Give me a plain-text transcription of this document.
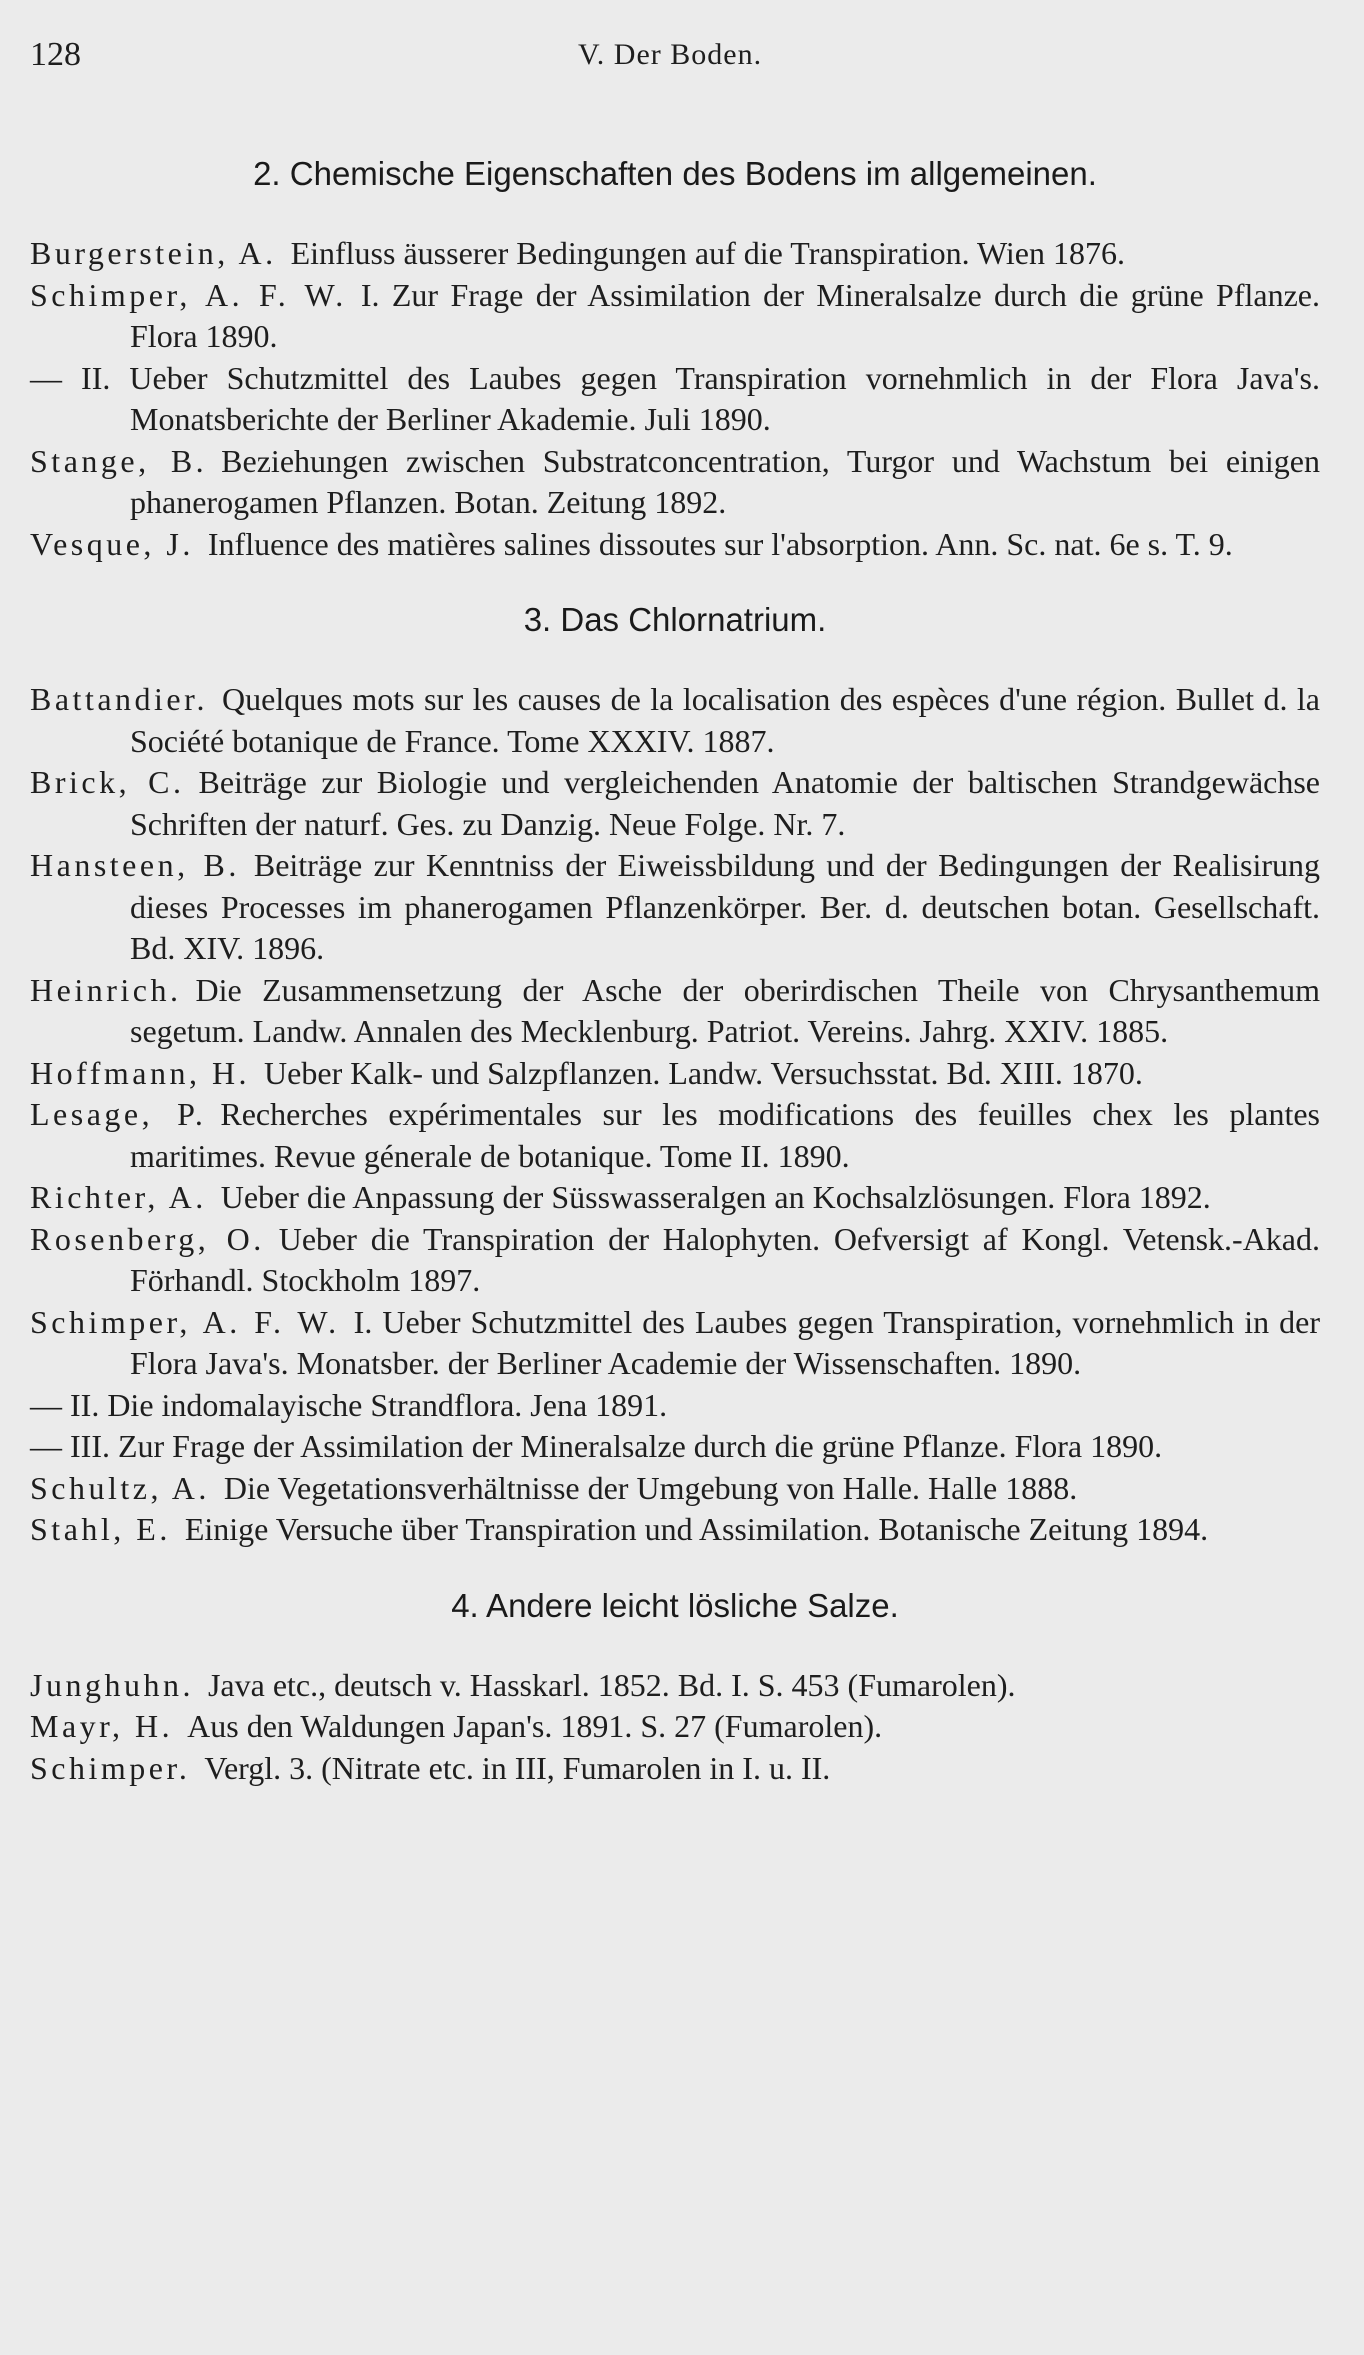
128	V. Der Boden.
2. Chemische Eigenschaften des Bodens im allgemeinen.

Burgerstein, A. Einfluss äusserer Bedingungen auf die Transpiration. Wien 1876.

Schimper, A. F. W. I. Zur Frage der Assimilation der Mineralsalze durch die grüne Pflanze. Flora 1890.

— II. Ueber Schutzmittel des Laubes gegen Transpiration vornehmlich in der Flora Java's. Monatsberichte der Berliner Akademie. Juli 1890.

Stange, B. Beziehungen zwischen Substratconcentration, Turgor und Wachstum bei einigen phanerogamen Pflanzen. Botan. Zeitung 1892.

Vesque, J. Influence des matières salines dissoutes sur l'absorption. Ann. Sc. nat. 6e s. T. 9.

3. Das Chlornatrium.

Battandier. Quelques mots sur les causes de la localisation des espèces d'une région. Bullet d. la Société botanique de France. Tome XXXIV. 1887.

Brick, C. Beiträge zur Biologie und vergleichenden Anatomie der baltischen Strandgewächse Schriften der naturf. Ges. zu Danzig. Neue Folge. Nr. 7.

Hansteen, B. Beiträge zur Kenntniss der Eiweissbildung und der Bedingungen der Realisirung dieses Processes im phanerogamen Pflanzenkörper. Ber. d. deutschen botan. Gesellschaft. Bd. XIV. 1896.

Heinrich. Die Zusammensetzung der Asche der oberirdischen Theile von Chrysanthemum segetum. Landw. Annalen des Mecklenburg. Patriot. Vereins. Jahrg. XXIV. 1885.

Hoffmann, H. Ueber Kalk- und Salzpflanzen. Landw. Versuchsstat. Bd. XIII. 1870.

Lesage, P. Recherches expérimentales sur les modifications des feuilles chex les plantes maritimes. Revue génerale de botanique. Tome II. 1890.

Richter, A. Ueber die Anpassung der Süsswasseralgen an Kochsalzlösungen. Flora 1892.

Rosenberg, O. Ueber die Transpiration der Halophyten. Oefversigt af Kongl. Vetensk.-Akad. Förhandl. Stockholm 1897.

Schimper, A. F. W. I. Ueber Schutzmittel des Laubes gegen Transpiration, vornehmlich in der Flora Java's. Monatsber. der Berliner Academie der Wissenschaften. 1890.

— II. Die indomalayische Strandflora. Jena 1891.

— III. Zur Frage der Assimilation der Mineralsalze durch die grüne Pflanze. Flora 1890.

Schultz, A. Die Vegetationsverhältnisse der Umgebung von Halle. Halle 1888.

Stahl, E. Einige Versuche über Transpiration und Assimilation. Botanische Zeitung 1894.

4. Andere leicht lösliche Salze.

Junghuhn. Java etc., deutsch v. Hasskarl. 1852. Bd. I. S. 453 (Fumarolen).

Mayr, H. Aus den Waldungen Japan's. 1891. S. 27 (Fumarolen).

Schimper. Vergl. 3. (Nitrate etc. in III, Fumarolen in I. u. II.
